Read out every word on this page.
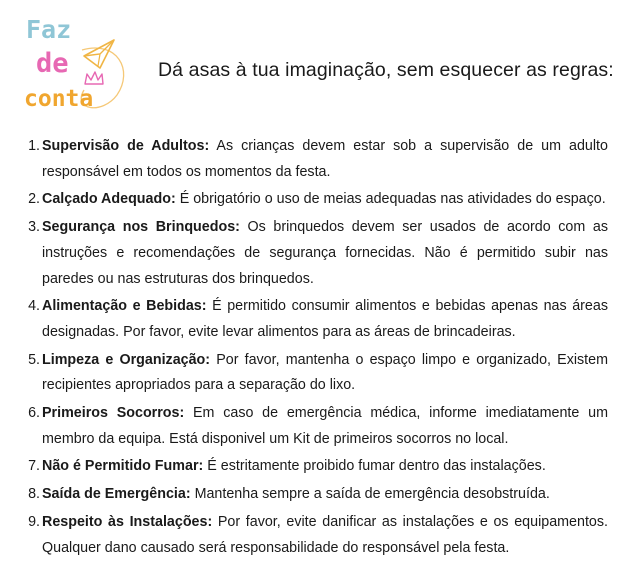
Faz
de
conta
Dá asas à tua imaginação, sem esquecer as regras:
1. Supervisão de Adultos: As crianças devem estar sob a supervisão de um adulto responsável em todos os momentos da festa.
2. Calçado Adequado: É obrigatório o uso de meias adequadas nas atividades do espaço.
3. Segurança nos Brinquedos: Os brinquedos devem ser usados de acordo com as instruções e recomendações de segurança fornecidas. Não é permitido subir nas paredes ou nas estruturas dos brinquedos.
4. Alimentação e Bebidas: É permitido consumir alimentos e bebidas apenas nas áreas designadas. Por favor, evite levar alimentos para as áreas de brincadeiras.
5. Limpeza e Organização: Por favor, mantenha o espaço limpo e organizado, Existem recipientes apropriados para a separação do lixo.
6. Primeiros Socorros: Em caso de emergência médica, informe imediatamente um membro da equipa. Está disponivel um Kit de primeiros socorros no local.
7. Não é Permitido Fumar: É estritamente proibido fumar dentro das instalações.
8. Saída de Emergência: Mantenha sempre a saída de emergência desobstruída.
9. Respeito às Instalações: Por favor, evite danificar as instalações e os equipamentos. Qualquer dano causado será responsabilidade do responsável pela festa.
